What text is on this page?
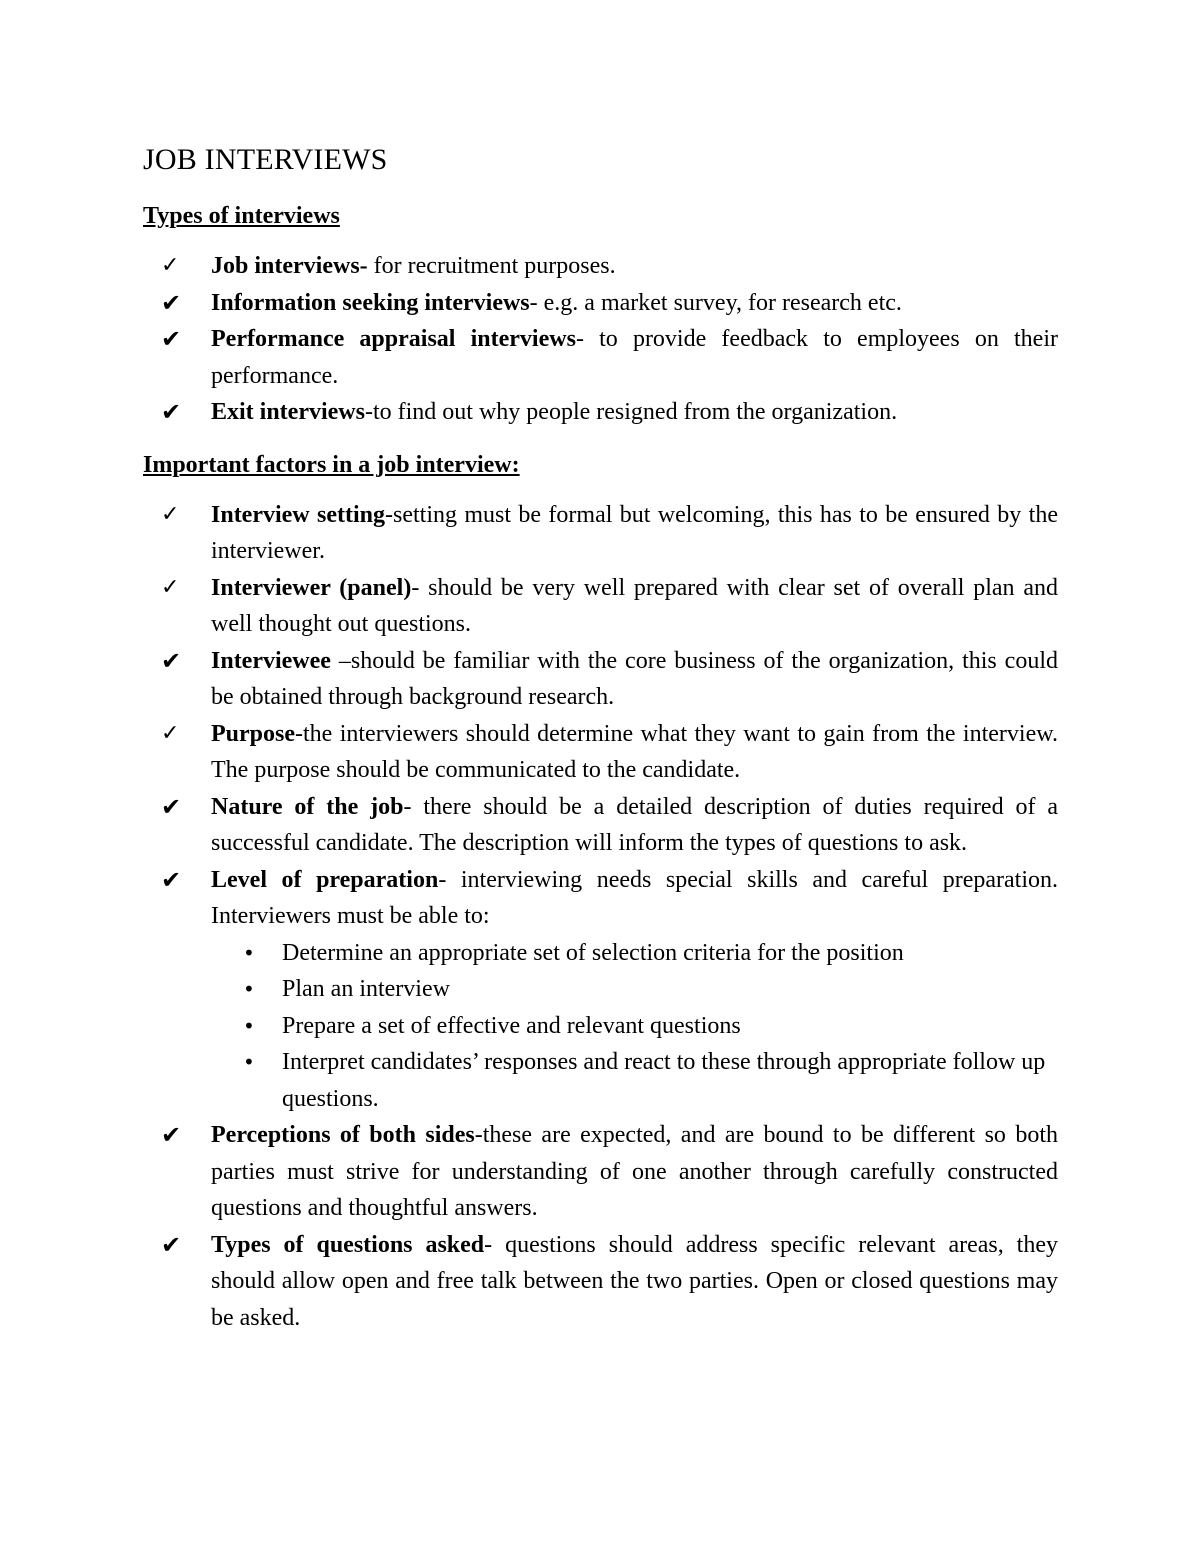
JOB INTERVIEWS
Types of interviews
✓	Job interviews- for recruitment purposes.
✔	Information seeking interviews- e.g. a market survey, for research etc.
✔	Performance appraisal interviews- to provide feedback to employees on their performance.
✔	Exit interviews-to find out why people resigned from the organization.
Important factors in a job interview:
✓	Interview setting-setting must be formal but welcoming, this has to be ensured by the interviewer.
✓	Interviewer (panel)- should be very well prepared with clear set of overall plan and well thought out questions.
✔	Interviewee –should be familiar with the core business of the organization, this could be obtained through background research.
✓	Purpose-the interviewers should determine what they want to gain from the interview. The purpose should be communicated to the candidate.
✔	Nature of the job- there should be a detailed description of duties required of a successful candidate. The description will inform the types of questions to ask.
✔	Level of preparation- interviewing needs special skills and careful preparation. Interviewers must be able to:
• Determine an appropriate set of selection criteria for the position
• Plan an interview
• Prepare a set of effective and relevant questions
• Interpret candidates’ responses and react to these through appropriate follow up questions.
✔	Perceptions of both sides-these are expected, and are bound to be different so both parties must strive for understanding of one another through carefully constructed questions and thoughtful answers.
✔	Types of questions asked- questions should address specific relevant areas, they should allow open and free talk between the two parties. Open or closed questions may be asked.
